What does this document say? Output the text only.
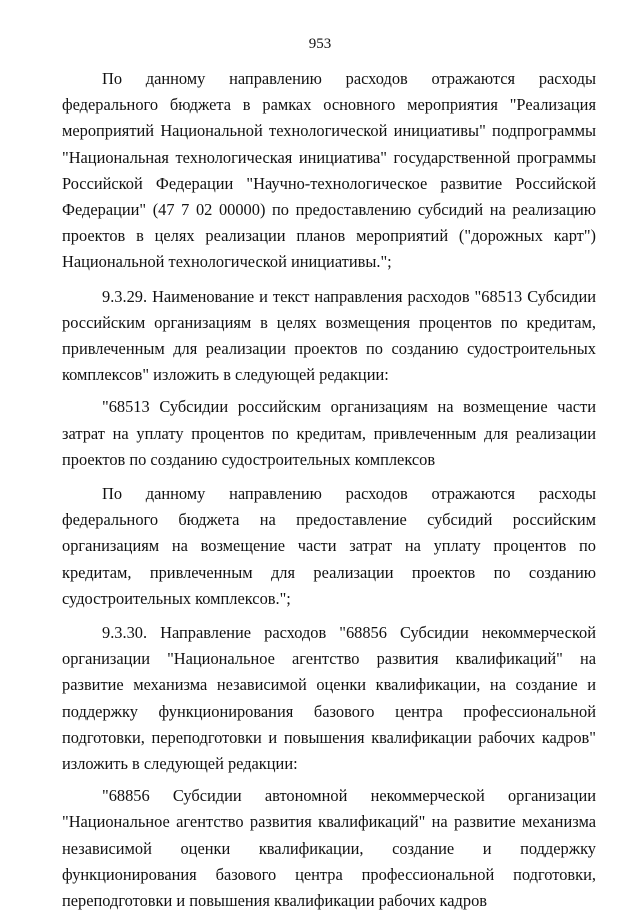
953

По данному направлению расходов отражаются расходы федерального бюджета в рамках основного мероприятия "Реализация мероприятий Национальной технологической инициативы" подпрограммы "Национальная технологическая инициатива" государственной программы Российской Федерации "Научно-технологическое развитие Российской Федерации" (47 7 02 00000) по предоставлению субсидий на реализацию проектов в целях реализации планов мероприятий ("дорожных карт") Национальной технологической инициативы.";

9.3.29. Наименование и текст направления расходов "68513 Субсидии российским организациям в целях возмещения процентов по кредитам, привлеченным для реализации проектов по созданию судостроительных комплексов" изложить в следующей редакции:

"68513 Субсидии российским организациям на возмещение части затрат на уплату процентов по кредитам, привлеченным для реализации проектов по созданию судостроительных комплексов

По данному направлению расходов отражаются расходы федерального бюджета на предоставление субсидий российским организациям на возмещение части затрат на уплату процентов по кредитам, привлеченным для реализации проектов по созданию судостроительных комплексов.";

9.3.30. Направление расходов "68856 Субсидии некоммерческой организации "Национальное агентство развития квалификаций" на развитие механизма независимой оценки квалификации, на создание и поддержку функционирования базового центра профессиональной подготовки, переподготовки и повышения квалификации рабочих кадров" изложить в следующей редакции:

"68856 Субсидии автономной некоммерческой организации "Национальное агентство развития квалификаций" на развитие механизма независимой оценки квалификации, создание и поддержку функционирования базового центра профессиональной подготовки, переподготовки и повышения квалификации рабочих кадров
